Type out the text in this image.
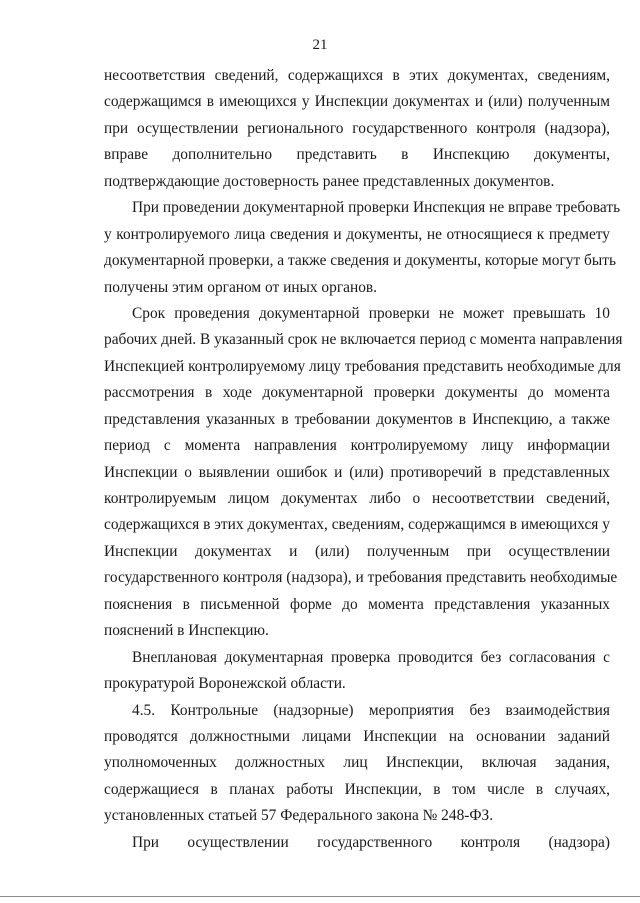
21
несоответствия сведений, содержащихся в этих документах, сведениям,
содержащимся в имеющихся у Инспекции документах и (или) полученным
при осуществлении регионального государственного контроля (надзора),
вправе дополнительно представить в Инспекцию документы,
подтверждающие достоверность ранее представленных документов.
При проведении документарной проверки Инспекция не вправе требовать
у контролируемого лица сведения и документы, не относящиеся к предмету
документарной проверки, а также сведения и документы, которые могут быть
получены этим органом от иных органов.
Срок проведения документарной проверки не может превышать 10
рабочих дней. В указанный срок не включается период с момента направления
Инспекцией контролируемому лицу требования представить необходимые для
рассмотрения в ходе документарной проверки документы до момента
представления указанных в требовании документов в Инспекцию, а также
период с момента направления контролируемому лицу информации
Инспекции о выявлении ошибок и (или) противоречий в представленных
контролируемым лицом документах либо о несоответствии сведений,
содержащихся в этих документах, сведениям, содержащимся в имеющихся у
Инспекции документах и (или) полученным при осуществлении
государственного контроля (надзора), и требования представить необходимые
пояснения в письменной форме до момента представления указанных
пояснений в Инспекцию.
Внеплановая документарная проверка проводится без согласования с
прокуратурой Воронежской области.
4.5. Контрольные (надзорные) мероприятия без взаимодействия
проводятся должностными лицами Инспекции на основании заданий
уполномоченных должностных лиц Инспекции, включая задания,
содержащиеся в планах работы Инспекции, в том числе в случаях,
установленных статьей 57 Федерального закона № 248-ФЗ.
При осуществлении государственного контроля (надзора)
